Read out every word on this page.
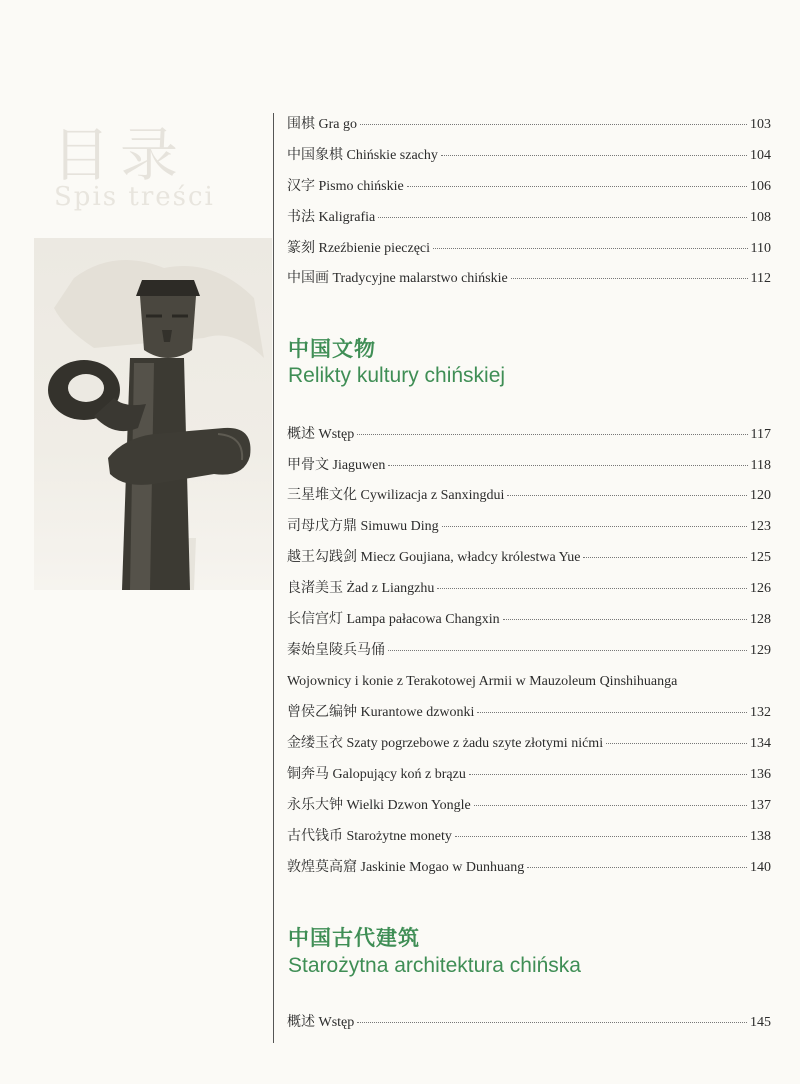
目录
Spis treści
围棋 Gra go	103
中国象棋 Chińskie szachy	104
汉字 Pismo chińskie	106
书法 Kaligrafia	108
篆刻 Rzeźbienie pieczęci	110
中国画 Tradycyjne malarstwo chińskie	112
中国文物
Relikty kultury chińskiej
概述 Wstęp	117
甲骨文 Jiaguwen	118
三星堆文化 Cywilizacja z Sanxingdui	120
司母戊方鼎 Simuwu Ding	123
越王勾践剑 Miecz Goujiana, władcy królestwa Yue	125
良渚美玉 Żad z Liangzhu	126
长信宫灯 Lampa pałacowa Changxin	128
秦始皇陵兵马俑	129
Wojownicy i konie z Terakotowej Armii w Mauzoleum Qinshihuanga
曾侯乙编钟 Kurantowe dzwonki	132
金缕玉衣 Szaty pogrzebowe z żadu szyte złotymi nićmi	134
铜奔马 Galopujący koń z brązu	136
永乐大钟 Wielki Dzwon Yongle	137
古代钱币 Starożytne monety	138
敦煌莫高窟 Jaskinie Mogao w Dunhuang	140
中国古代建筑
Starożytna architektura chińska
概述 Wstęp	145
